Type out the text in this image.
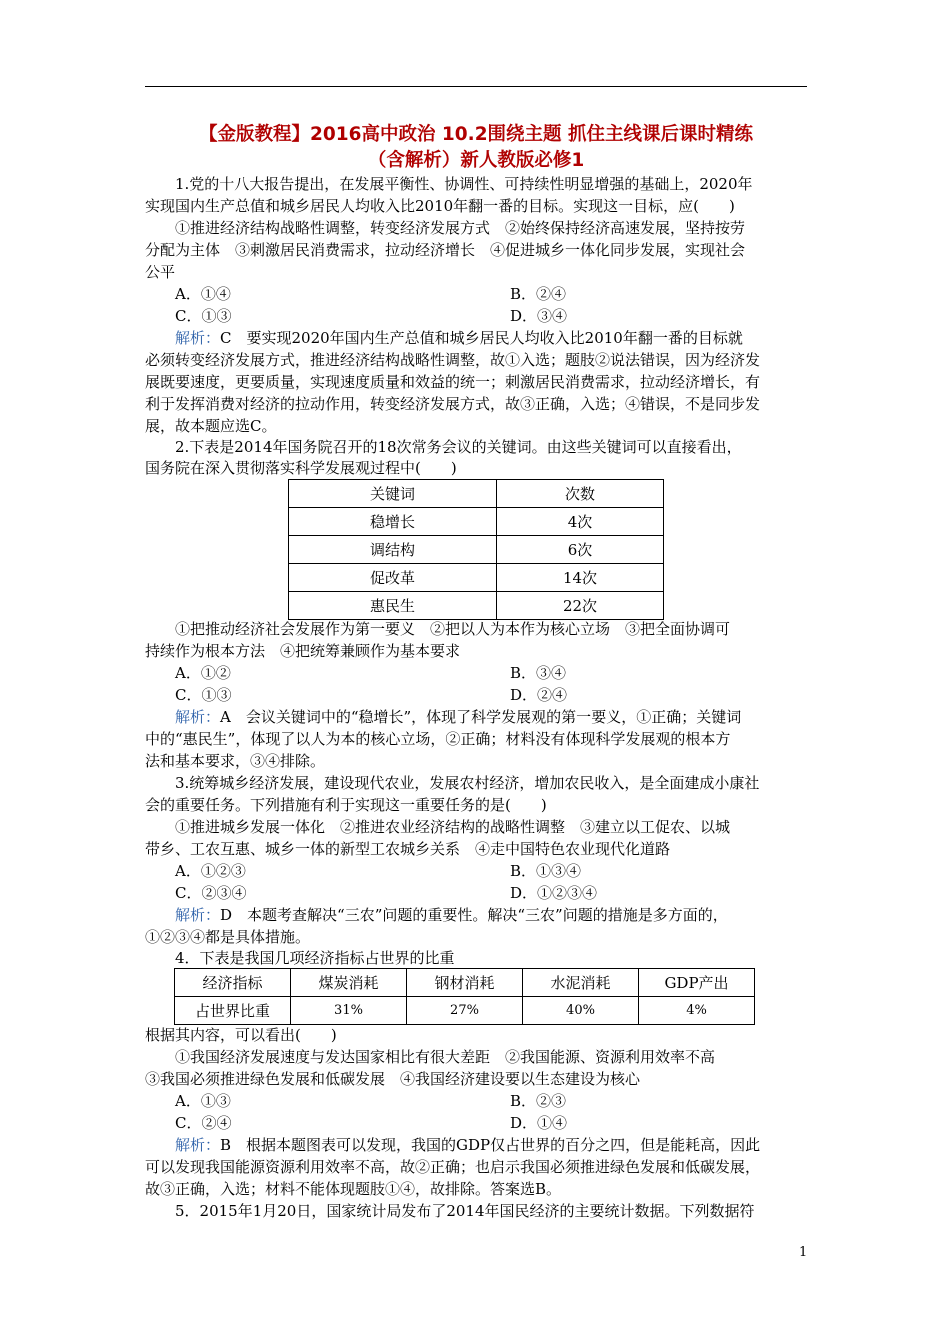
【金版教程】2016高中政治 10.2围绕主题 抓住主线课后课时精练
（含解析）新人教版必修1
1.党的十八大报告提出，在发展平衡性、协调性、可持续性明显增强的基础上，2020年
实现国内生产总值和城乡居民人均收入比2010年翻一番的目标。实现这一目标，应(　　)
①推进经济结构战略性调整，转变经济发展方式　②始终保持经济高速发展，坚持按劳
分配为主体　③刺激居民消费需求，拉动经济增长　④促进城乡一体化同步发展，实现社会
公平
A．①④	B．②④
C．①③	D．③④
解析：C　要实现2020年国内生产总值和城乡居民人均收入比2010年翻一番的目标就
必须转变经济发展方式，推进经济结构战略性调整，故①入选；题肢②说法错误，因为经济发
展既要速度，更要质量，实现速度质量和效益的统一；刺激居民消费需求，拉动经济增长，有
利于发挥消费对经济的拉动作用，转变经济发展方式，故③正确，入选；④错误，不是同步发
展，故本题应选C。
2.下表是2014年国务院召开的18次常务会议的关键词。由这些关键词可以直接看出，
国务院在深入贯彻落实科学发展观过程中(　　)
关键词	次数
稳增长	4次
调结构	6次
促改革	14次
惠民生	22次
①把推动经济社会发展作为第一要义　②把以人为本作为核心立场　③把全面协调可
持续作为根本方法　④把统筹兼顾作为基本要求
A．①②	B．③④
C．①③	D．②④
解析：A　会议关键词中的“稳增长”，体现了科学发展观的第一要义，①正确；关键词
中的“惠民生”，体现了以人为本的核心立场，②正确；材料没有体现科学发展观的根本方
法和基本要求，③④排除。
3.统筹城乡经济发展，建设现代农业，发展农村经济，增加农民收入，是全面建成小康社
会的重要任务。下列措施有利于实现这一重要任务的是(　　)
①推进城乡发展一体化　②推进农业经济结构的战略性调整　③建立以工促农、以城
带乡、工农互惠、城乡一体的新型工农城乡关系　④走中国特色农业现代化道路
A．①②③	B．①③④
C．②③④	D．①②③④
解析：D　本题考查解决“三农”问题的重要性。解决“三农”问题的措施是多方面的，
①②③④都是具体措施。
4．下表是我国几项经济指标占世界的比重
经济指标	煤炭消耗	钢材消耗	水泥消耗	GDP产出
占世界比重	31%	27%	40%	4%
根据其内容，可以看出(　　)
①我国经济发展速度与发达国家相比有很大差距　②我国能源、资源利用效率不高
③我国必须推进绿色发展和低碳发展　④我国经济建设要以生态建设为核心
A．①③	B．②③
C．②④	D．①④
解析：B　根据本题图表可以发现，我国的GDP仅占世界的百分之四，但是能耗高，因此
可以发现我国能源资源利用效率不高，故②正确；也启示我国必须推进绿色发展和低碳发展，
故③正确，入选；材料不能体现题肢①④，故排除。答案选B。
5．2015年1月20日，国家统计局发布了2014年国民经济的主要统计数据。下列数据符
1
